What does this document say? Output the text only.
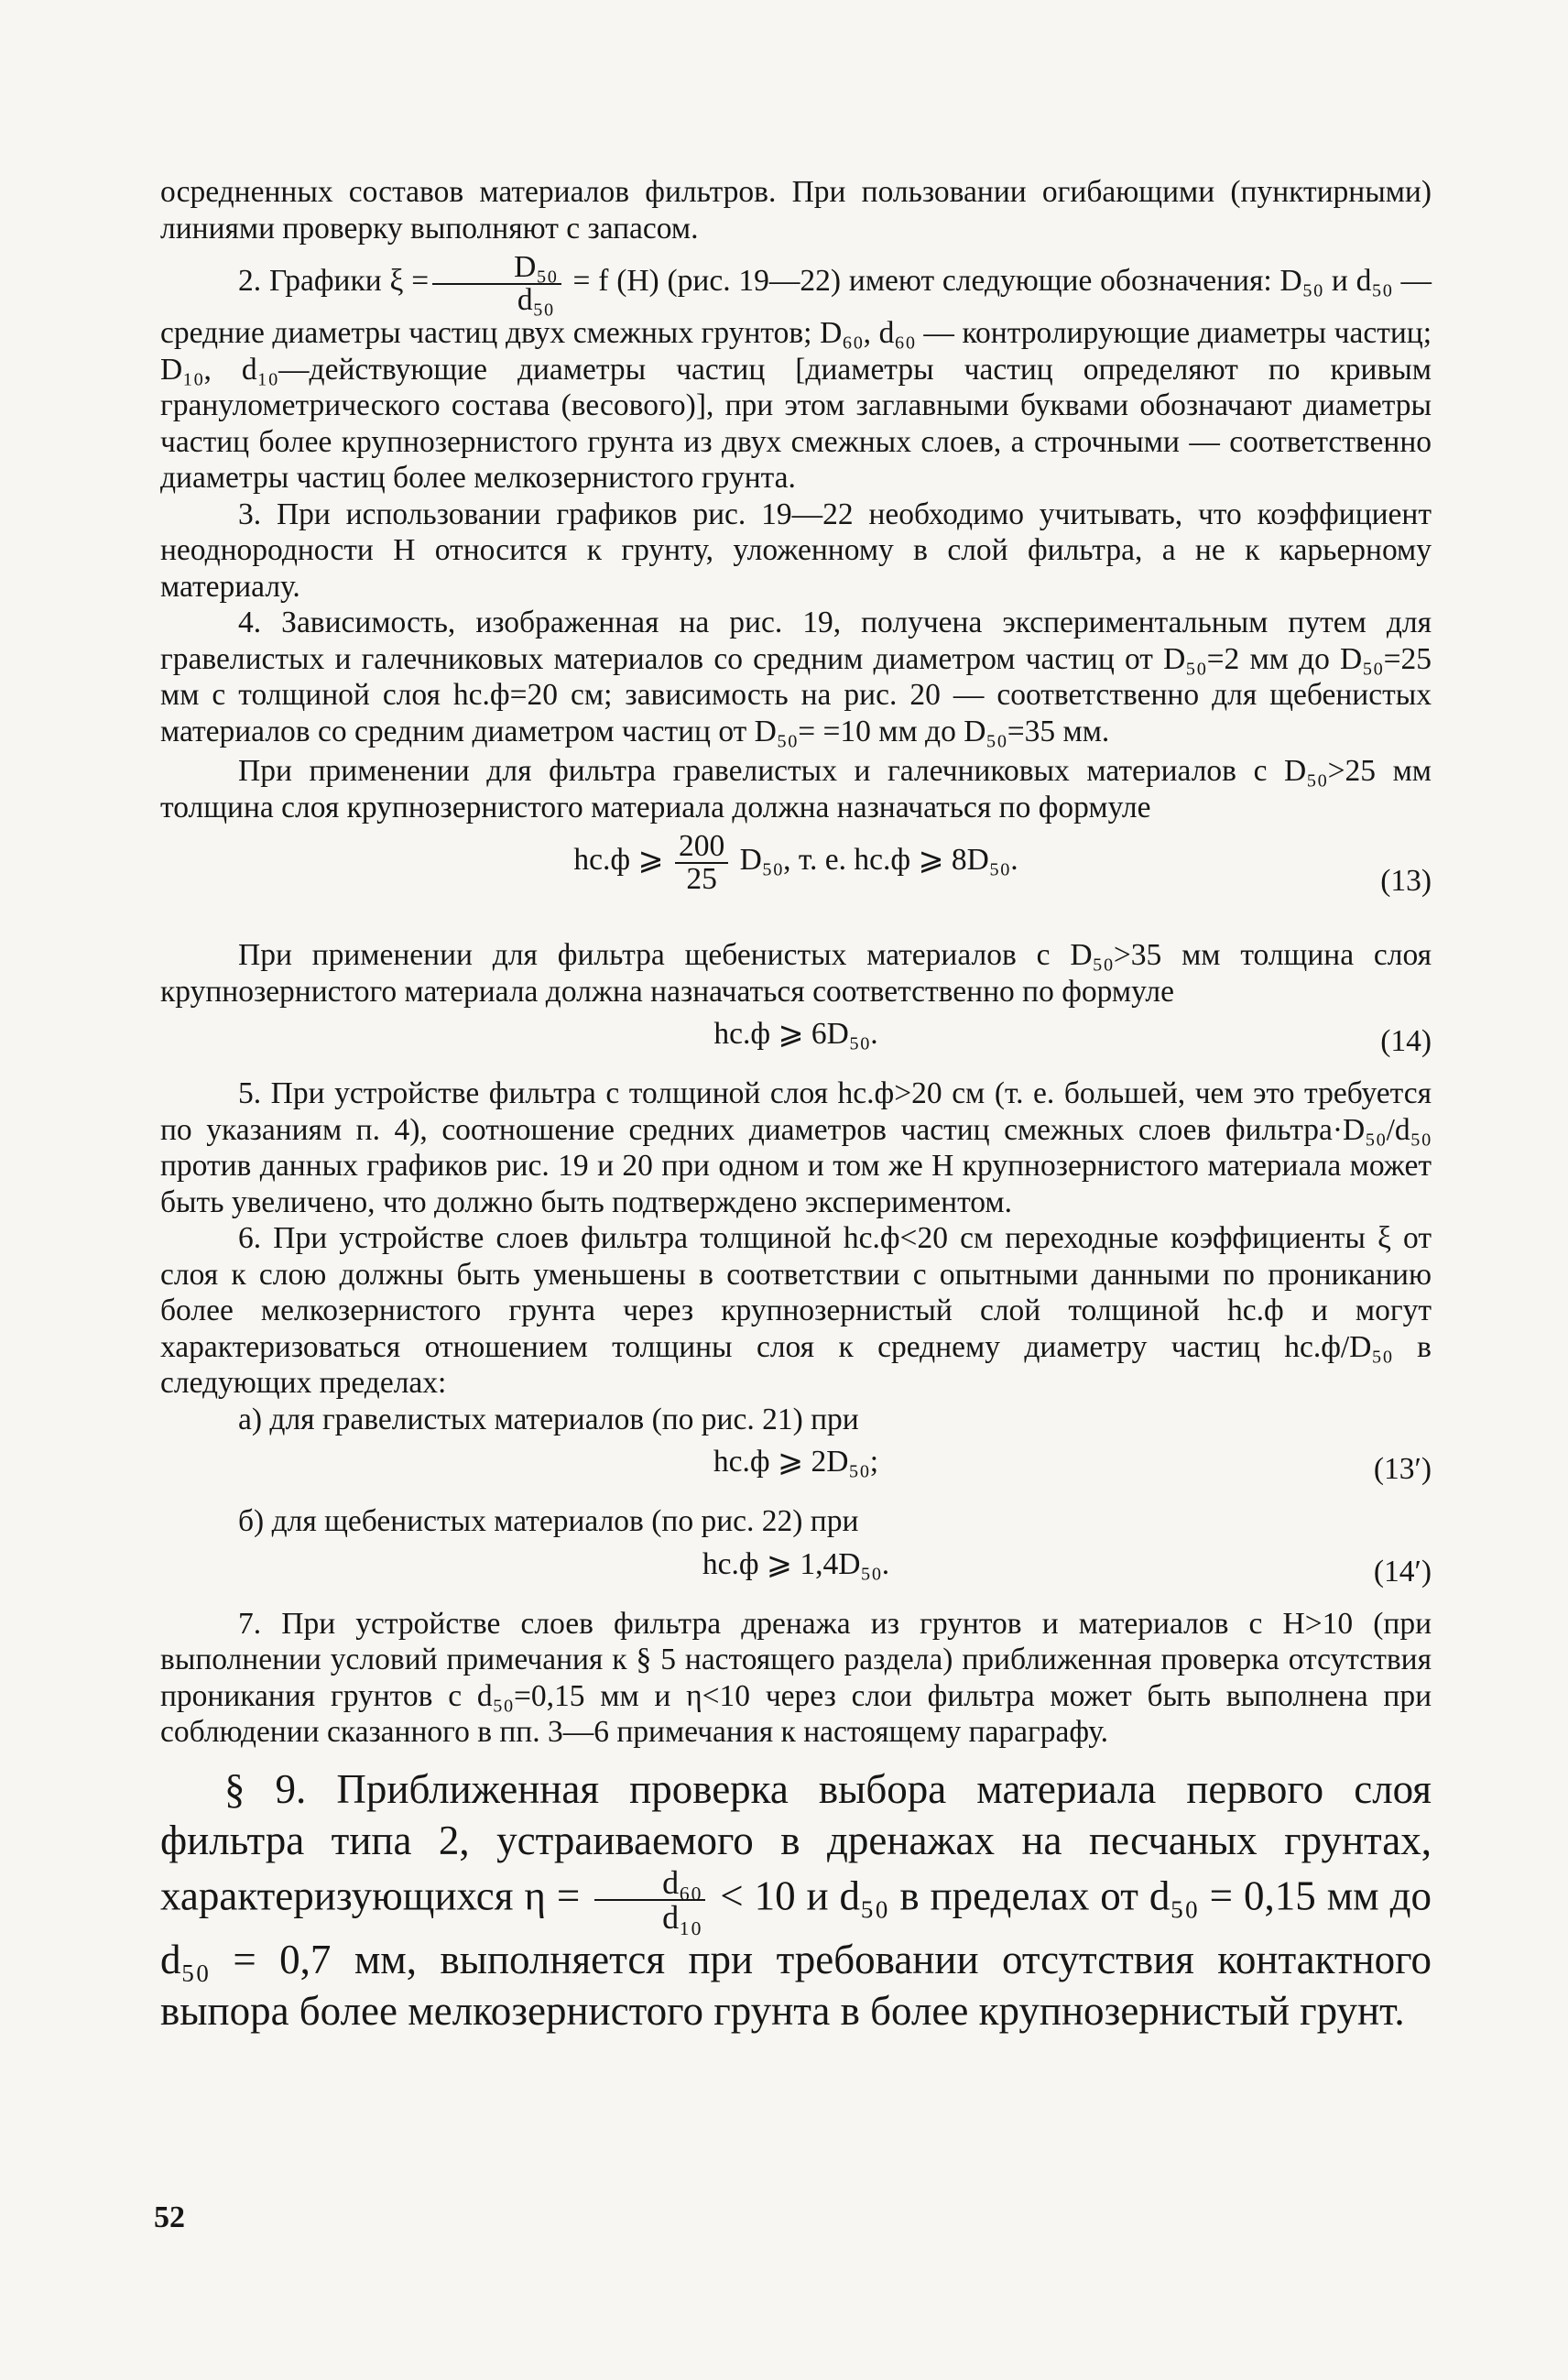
осредненных составов материалов фильтров. При пользовании огибающими (пунктирными) линиями проверку выполняют с запасом.

2. Графики $\xi = \frac{\text{D₅₀}}{\text{d₅₀}} = f$ (H) (рис. 19—22) имеют следующие обозначения: D₅₀ и d₅₀ — средние диаметры частиц двух смежных грунтов; D₆₀, d₆₀ — контролирующие диаметры частиц; D₁₀, d₁₀—действующие диаметры частиц [диаметры частиц определяют по кривым гранулометрического состава (весового)], при этом заглавными буквами обозначают диаметры частиц более крупнозернистого грунта из двух смежных слоев, а строчными — соответственно диаметры частиц более мелкозернистого грунта.

3. При использовании графиков рис. 19—22 необходимо учитывать, что коэффициент неоднородности H относится к грунту, уложенному в слой фильтра, а не к карьерному материалу.

4. Зависимость, изображенная на рис. 19, получена экспериментальным путем для гравелистых и галечниковых материалов со средним диаметром частиц от D₅₀=2 мм до D₅₀=25 мм с толщиной слоя hс.ф=20 см; зависимость на рис. 20 — соответственно для щебенистых материалов со средним диаметром частиц от D₅₀= =10 мм до D₅₀=35 мм.

При применении для фильтра гравелистых и галечниковых материалов с D₅₀>25 мм толщина слоя крупнозернистого материала должна назначаться по формуле

hс.ф ⩾ $\frac{200}{25} D_{50}$, т. е. hс.ф ⩾ 8D₅₀.
(13)

При применении для фильтра щебенистых материалов с D₅₀>35 мм толщина слоя крупнозернистого материала должна назначаться соответственно по формуле

hс.ф ⩾ 6D₅₀.	(14)

5. При устройстве фильтра с толщиной слоя hс.ф>20 см (т. е. большей, чем это требуется по указаниям п. 4), соотношение средних диаметров частиц смежных слоев фильтра·D₅₀/d₅₀ против данных графиков рис. 19 и 20 при одном и том же H крупнозернистого материала может быть увеличено, что должно быть подтверждено экспериментом.

6. При устройстве слоев фильтра толщиной hс.ф<20 см переходные коэффициенты ξ от слоя к слою должны быть уменьшены в соответствии с опытными данными по прониканию более мелкозернистого грунта через крупнозернистый слой толщиной hс.ф и могут характеризоваться отношением толщины слоя к среднему диаметру частиц hс.ф/D₅₀ в следующих пределах:

а) для гравелистых материалов (по рис. 21) при

hс.ф ⩾ 2D₅₀;	(13′)

б) для щебенистых материалов (по рис. 22) при

hс.ф ⩾ 1,4D₅₀.	(14′)

7. При устройстве слоев фильтра дренажа из грунтов и материалов с H>10 (при выполнении условий примечания к § 5 настоящего раздела) приближенная проверка отсутствия проникания грунтов с d₅₀=0,15 мм и η<10 через слои фильтра может быть выполнена при соблюдении сказанного в пп. 3—6 примечания к настоящему параграфу.

§ 9. Приближенная проверка выбора материала первого слоя фильтра типа 2, устраиваемого в дренажах на песчаных грунтах, характеризующихся $\eta = \frac{\text{d₆₀}}{\text{d₁₀}} < 10$ и d₅₀ в пределах от d₅₀ = 0,15 мм до d₅₀ = 0,7 мм, выполняется при требовании отсутствия контактного выпора более мелкозернистого грунта в более крупнозернистый грунт.
52
